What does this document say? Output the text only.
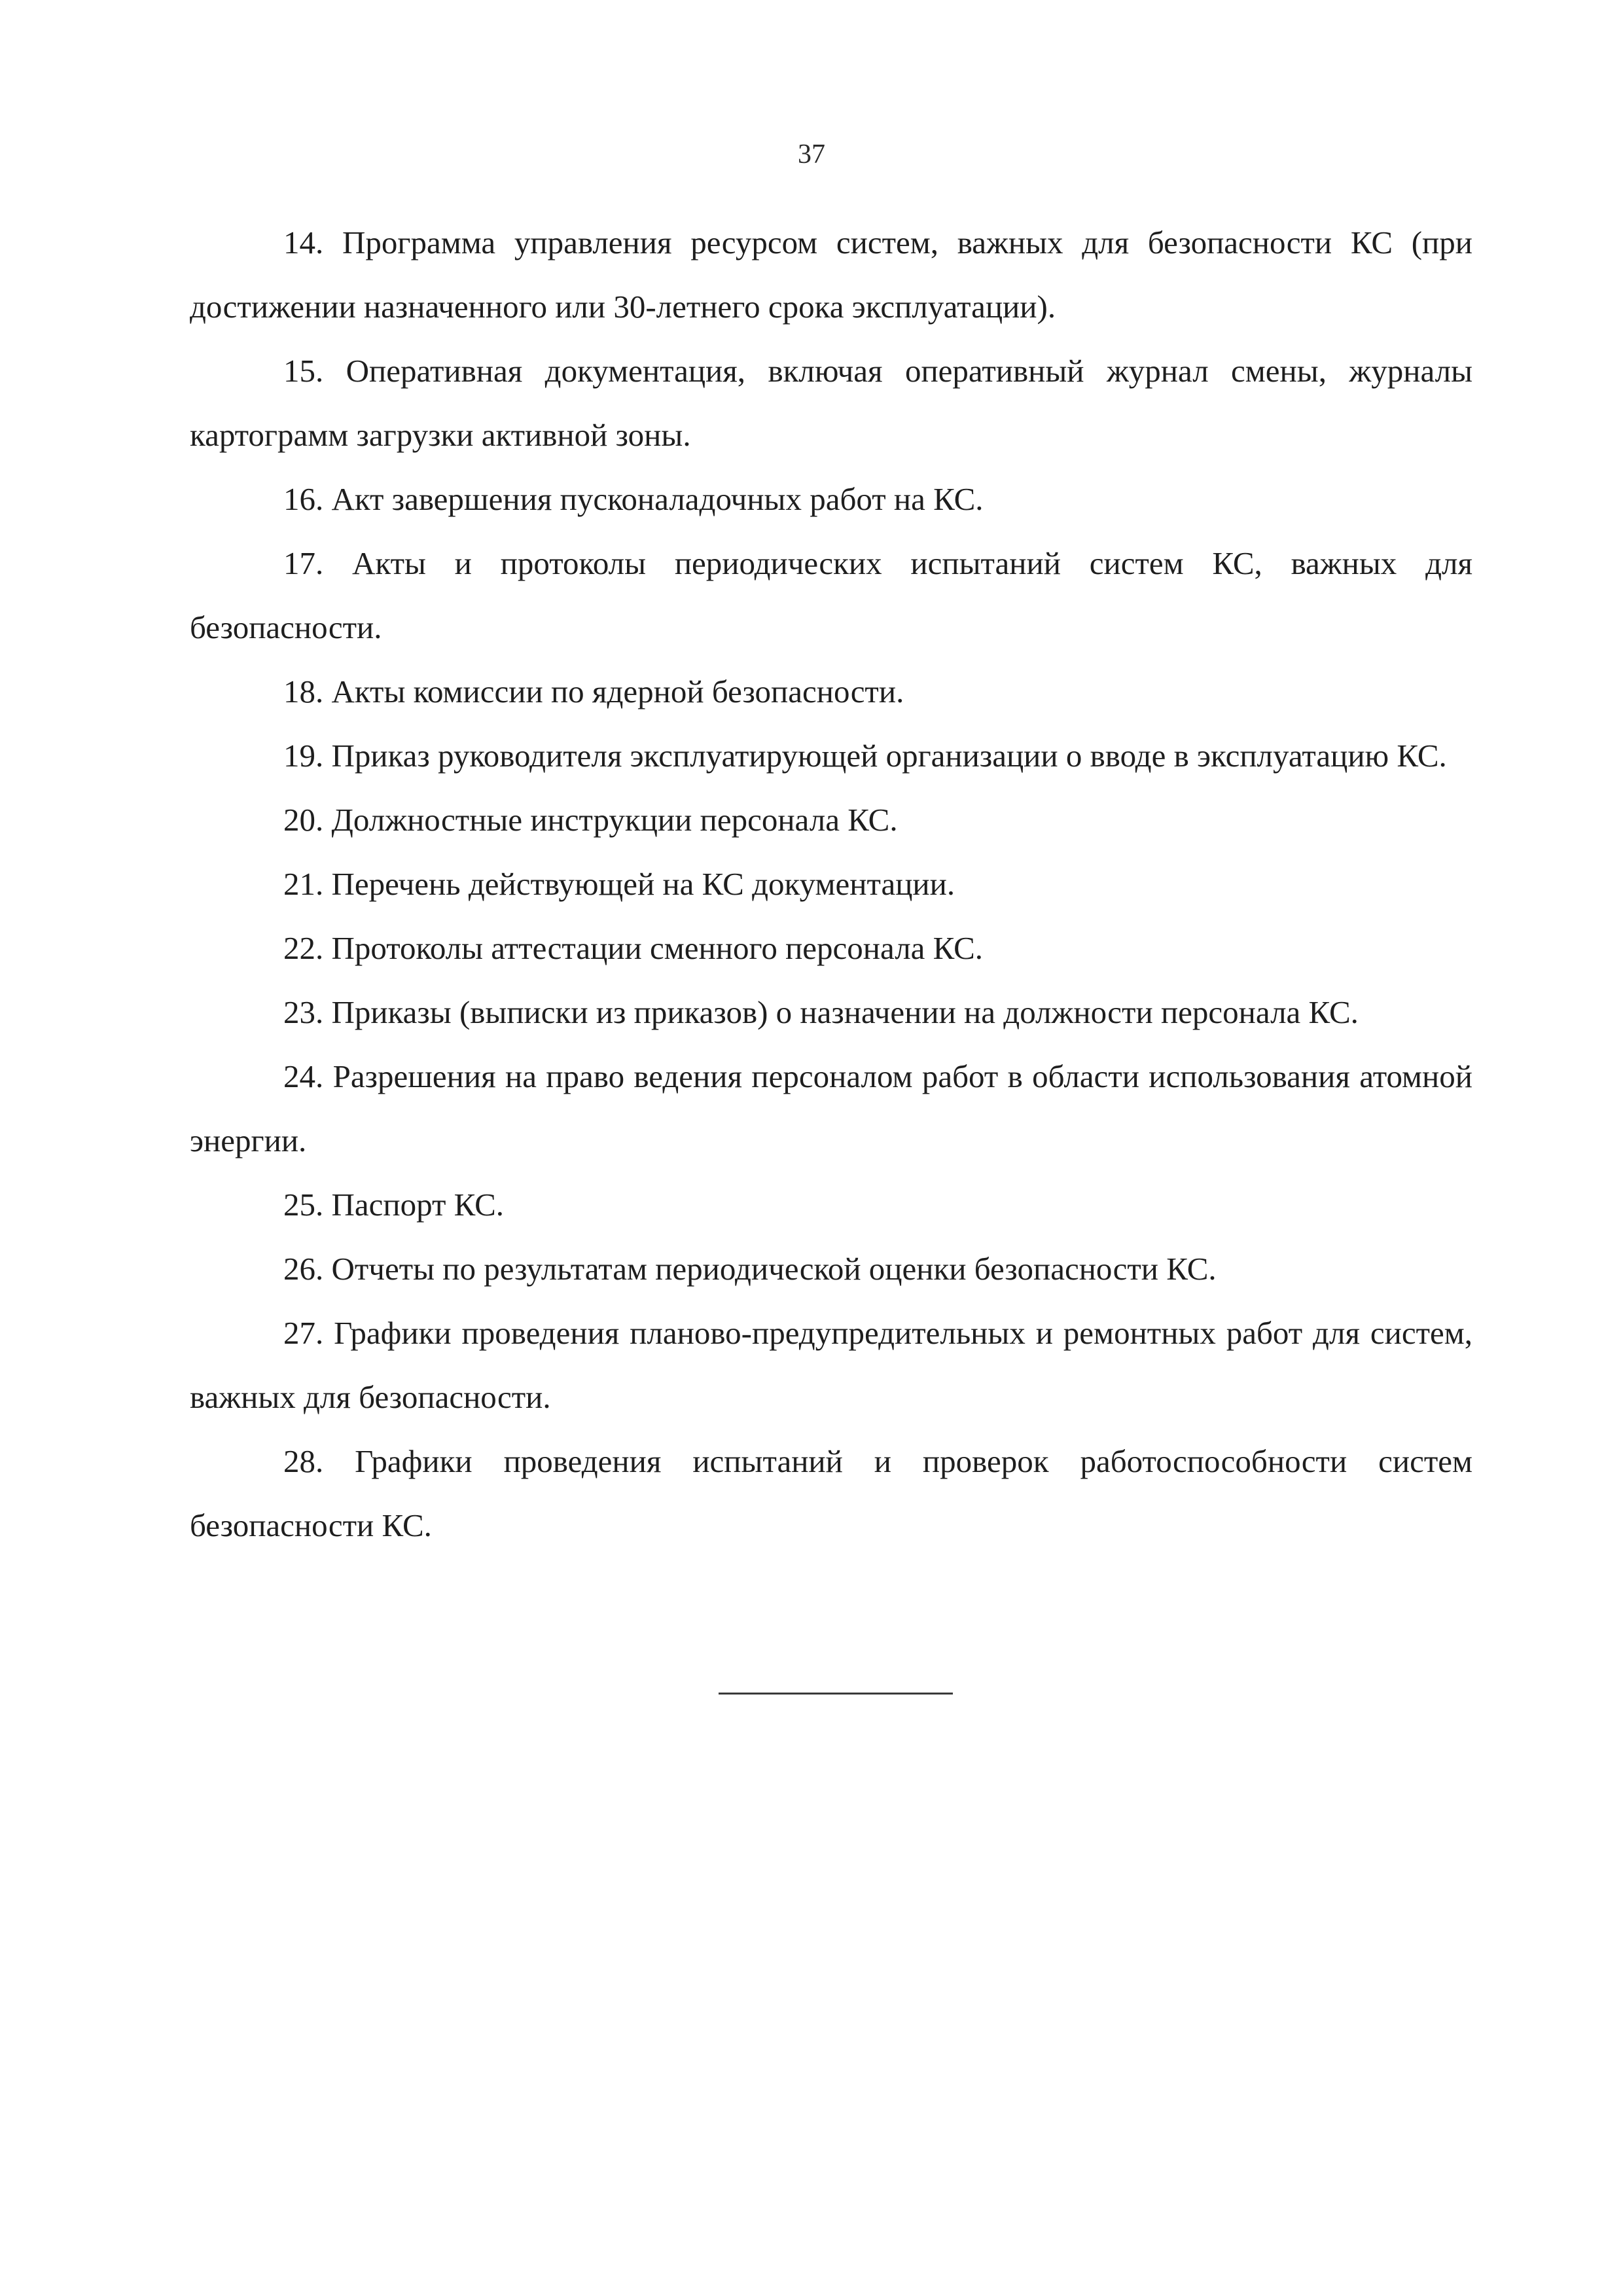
37

14. Программа управления ресурсом систем, важных для безопасности КС (при достижении назначенного или 30-летнего срока эксплуатации).

15. Оперативная документация, включая оперативный журнал смены, журналы картограмм загрузки активной зоны.

16. Акт завершения пусконаладочных работ на КС.

17. Акты и протоколы периодических испытаний систем КС, важных для безопасности.

18. Акты комиссии по ядерной безопасности.

19. Приказ руководителя эксплуатирующей организации о вводе в эксплуатацию КС.

20. Должностные инструкции персонала КС.

21. Перечень действующей на КС документации.

22. Протоколы аттестации сменного персонала КС.

23. Приказы (выписки из приказов) о назначении на должности персонала КС.

24. Разрешения на право ведения персоналом работ в области использования атомной энергии.

25. Паспорт КС.

26. Отчеты по результатам периодической оценки безопасности КС.

27. Графики проведения планово-предупредительных и ремонтных работ для систем, важных для безопасности.

28. Графики проведения испытаний и проверок работоспособности систем безопасности КС.
